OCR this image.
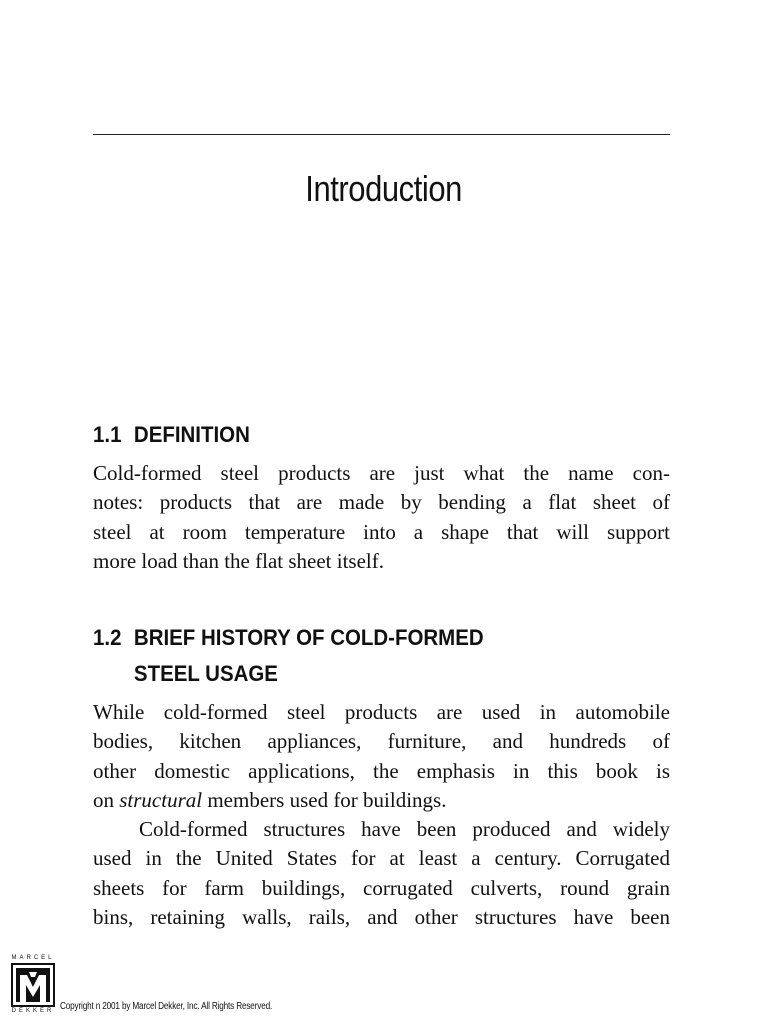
Introduction
1.1 DEFINITION
Cold-formed steel products are just what the name con-
notes: products that are made by bending a flat sheet of
steel at room temperature into a shape that will support
more load than the flat sheet itself.
1.2 BRIEF HISTORY OF COLD-FORMED
STEEL USAGE
While cold-formed steel products are used in automobile
bodies, kitchen appliances, furniture, and hundreds of
other domestic applications, the emphasis in this book is
on structural members used for buildings.
Cold-formed structures have been produced and widely
used in the United States for at least a century. Corrugated
sheets for farm buildings, corrugated culverts, round grain
bins, retaining walls, rails, and other structures have been
MARCEL
DEKKER Copyright n 2001 by Marcel Dekker, Inc. All Rights Reserved.
